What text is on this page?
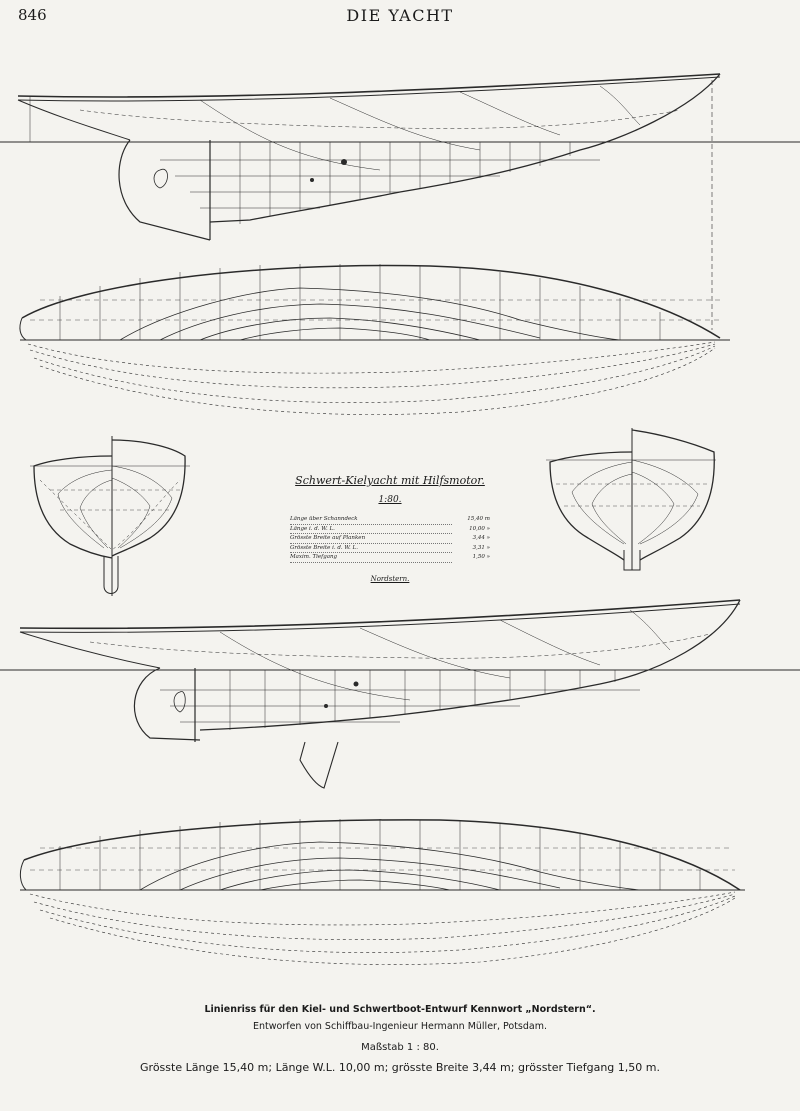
846	DIE YACHT
Schwert-Kielyacht mit Hilfsmotor.
1:80.
Länge über Schanndeck	15,40 m
Länge i. d. W. L.	10,00 »
Grösste Breite auf Planken	3,44 »
Grösste Breite i. d. W. L.	3,31 »
Maxim. Tiefgang	1,50 »
Nordstern.
Linienriss für den Kiel- und Schwertboot-Entwurf Kennwort „Nordstern“.
Entworfen von Schiffbau-Ingenieur Hermann Müller, Potsdam.
Maßstab 1 : 80.
Grösste Länge 15,40 m; Länge W.L. 10,00 m; grösste Breite 3,44 m; grösster Tiefgang 1,50 m.
